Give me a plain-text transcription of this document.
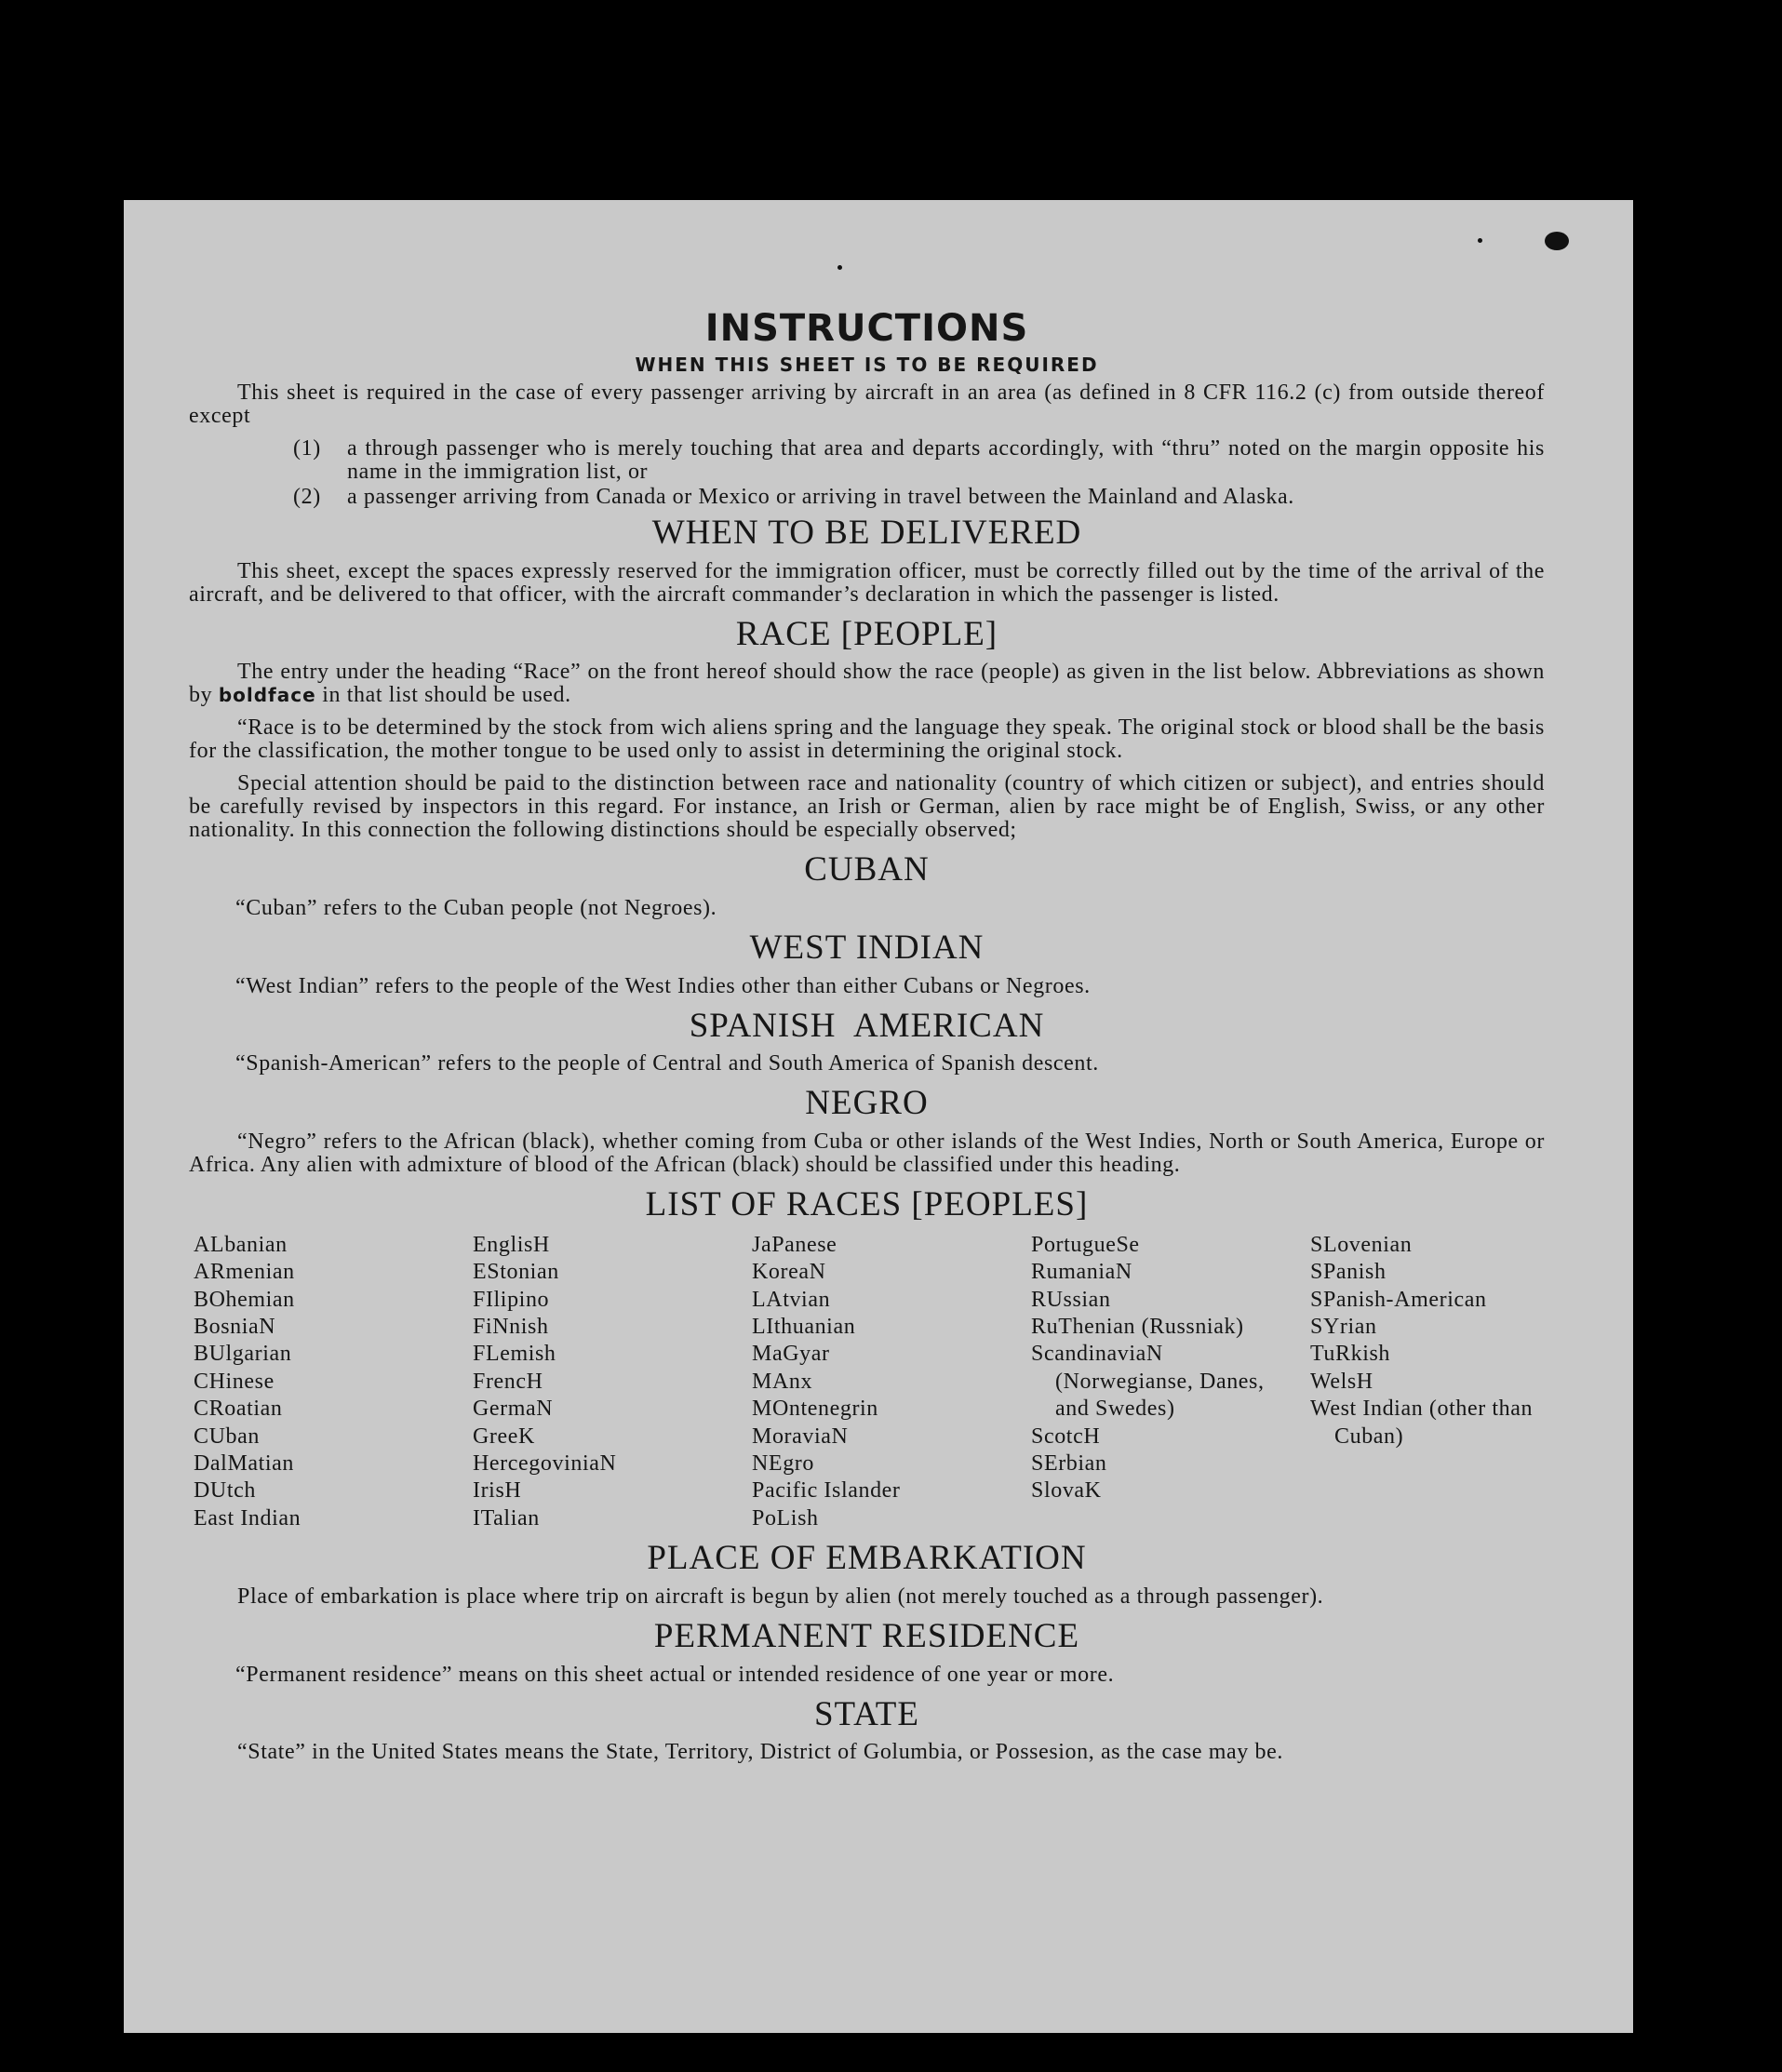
INSTRUCTIONS
WHEN THIS SHEET IS TO BE REQUIRED

This sheet is required in the case of every passenger arriving by aircraft in an area (as defined in 8 CFR 116.2 (c) from outside thereof except

(1)	a through passenger who is merely touching that area and departs accordingly, with “thru” noted on the margin opposite his name in the immigration list, or
(2)	a passenger arriving from Canada or Mexico or arriving in travel between the Mainland and Alaska.
WHEN TO BE DELIVERED

This sheet, except the spaces expressly reserved for the immigration officer, must be correctly filled out by the time of the arrival of the aircraft, and be delivered to that officer, with the aircraft commander’s declaration in which the passenger is listed.

RACE [PEOPLE]

The entry under the heading “Race” on the front hereof should show the race (people) as given in the list below. Abbreviations as shown by boldface in that list should be used.

“Race is to be determined by the stock from wich aliens spring and the language they speak. The original stock or blood shall be the basis for the classification, the mother tongue to be used only to assist in determining the original stock.

Special attention should be paid to the distinction between race and nationality (country of which citizen or subject), and entries should be carefully revised by inspectors in this regard. For instance, an Irish or German, alien by race might be of English, Swiss, or any other nationality. In this connection the following distinctions should be especially observed;

CUBAN

“Cuban” refers to the Cuban people (not Negroes).

WEST INDIAN

“West Indian” refers to the people of the West Indies other than either Cubans or Negroes.

SPANISH  AMERICAN

“Spanish-American” refers to the people of Central and South America of Spanish descent.

NEGRO

“Negro” refers to the African (black), whether coming from Cuba or other islands of the West Indies, North or South America, Europe or Africa. Any alien with admixture of blood of the African (black) should be classified under this heading.

LIST OF RACES [PEOPLES]
ALbanian
ARmenian
BOhemian
BosniaN
BUlgarian
CHinese
CRoatian
CUban
DalMatian
DUtch
East Indian
EnglisH
EStonian
FIlipino
FiNnish
FLemish
FrencH
GermaN
GreeK
HercegoviniaN
IrisH
ITalian
JaPanese
KoreaN
LAtvian
LIthuanian
MaGyar
MAnx
MOntenegrin
MoraviaN
NEgro
Pacific Islander
PoLish
PortugueSe
RumaniaN
RUssian
RuThenian (Russniak)
ScandinaviaN (Norwegianse, Danes, and Swedes)
ScotcH
SErbian
SlovaK
SLovenian
SPanish
SPanish-American
SYrian
TuRkish
WelsH
West Indian (other than Cuban)
PLACE OF EMBARKATION

Place of embarkation is place where trip on aircraft is begun by alien (not merely touched as a through passenger).

PERMANENT RESIDENCE

“Permanent residence” means on this sheet actual or intended residence of one year or more.

STATE

“State” in the United States means the State, Territory, District of Golumbia, or Possesion, as the case may be.
